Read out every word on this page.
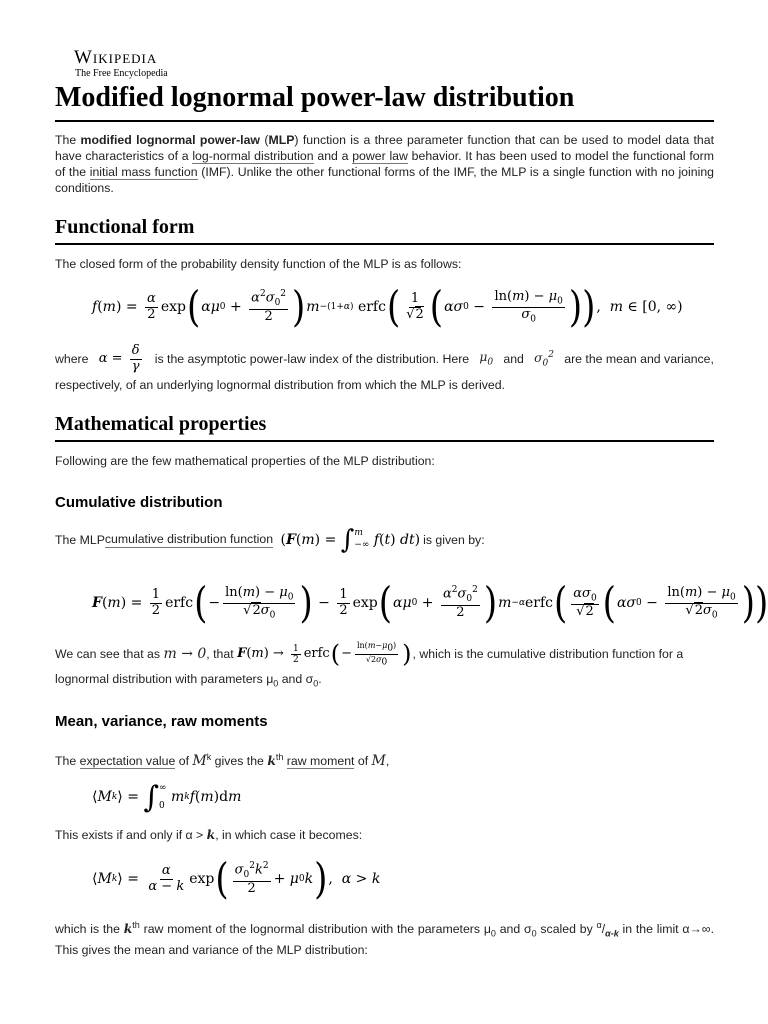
Wikipedia
The Free Encyclopedia
Modified lognormal power-law distribution

The modified lognormal power-law (MLP) function is a three parameter function that can be used to model data that have characteristics of a log-normal distribution and a power law behavior. It has been used to model the functional form of the initial mass function (IMF). Unlike the other functional forms of the IMF, the MLP is a single function with no joining conditions.

Functional form

The closed form of the probability density function of the MLP is as follows:

f ( m ) = $\frac{\alpha}{2}$ exp ( αμ $0 + \frac{\alpha^2\sigma_0^2}{2}$ ) m −(1+α) erfc ( $\frac{1}{√2}$ ( ασ $0 - \frac{\ln(m) - \mu_0}{\sigma_0}$ )) , m ∈ [0, ∞)
where $\alpha = \frac{\delta}{\gamma}$ is the asymptotic power-law index of the distribution. Here $\mu_0$ and $\sigma_0^2$ are the mean and variance,

respectively, of an underlying lognormal distribution from which the MLP is derived.

Mathematical properties

Following are the few mathematical properties of the MLP distribution:

Cumulative distribution
The MLP cumulative distribution function ( F ( m ) = ∫ m
−∞
f ( t ) dt ) is given by:
F ( m ) = $\frac{1}{2}$ erfc ( − $\frac{\ln(m) - \mu_0}{√2\sigma_0}$ ) − $\frac{1}{2}$ exp ( αμ $0 + \frac{\alpha^2\sigma_0^2}{2}$ ) m −α erfc ( $\frac{\alpha\sigma_0}{√2}$ ( ασ $0 - \frac{\ln(m) - \mu_0}{√2\sigma_0}$ ))
We can see that as
m → 0 , that
F ( m ) → $\frac{1}{2}$ erfc ( − $\frac{\ln(m-\mu_0)}{√2\sigma_0}$ ) , which is the cumulative distribution function for a

lognormal distribution with parameters $\mu_0$ and $\sigma_0$.

Mean, variance, raw moments

The expectation value of $M^k$ gives the $k^{th}$ raw moment of M,

⟨ M k ⟩ = ∫ ∞
0

m k f ( m )d m

This exists if and only if α > k, in which case it becomes:

⟨ M k ⟩ = $\frac{\alpha}{\alpha - k}$ exp ( $\frac{\sigma_0^2k^2}{2} + \mu$ 0 k ) , α > k

which is the $k^{th}$ raw moment of the lognormal distribution with the parameters $\mu_0$ and $\sigma_0$ scaled by $^\alpha/_{\alpha-k}$ in the limit α→∞. This gives the mean and variance of the MLP distribution:
